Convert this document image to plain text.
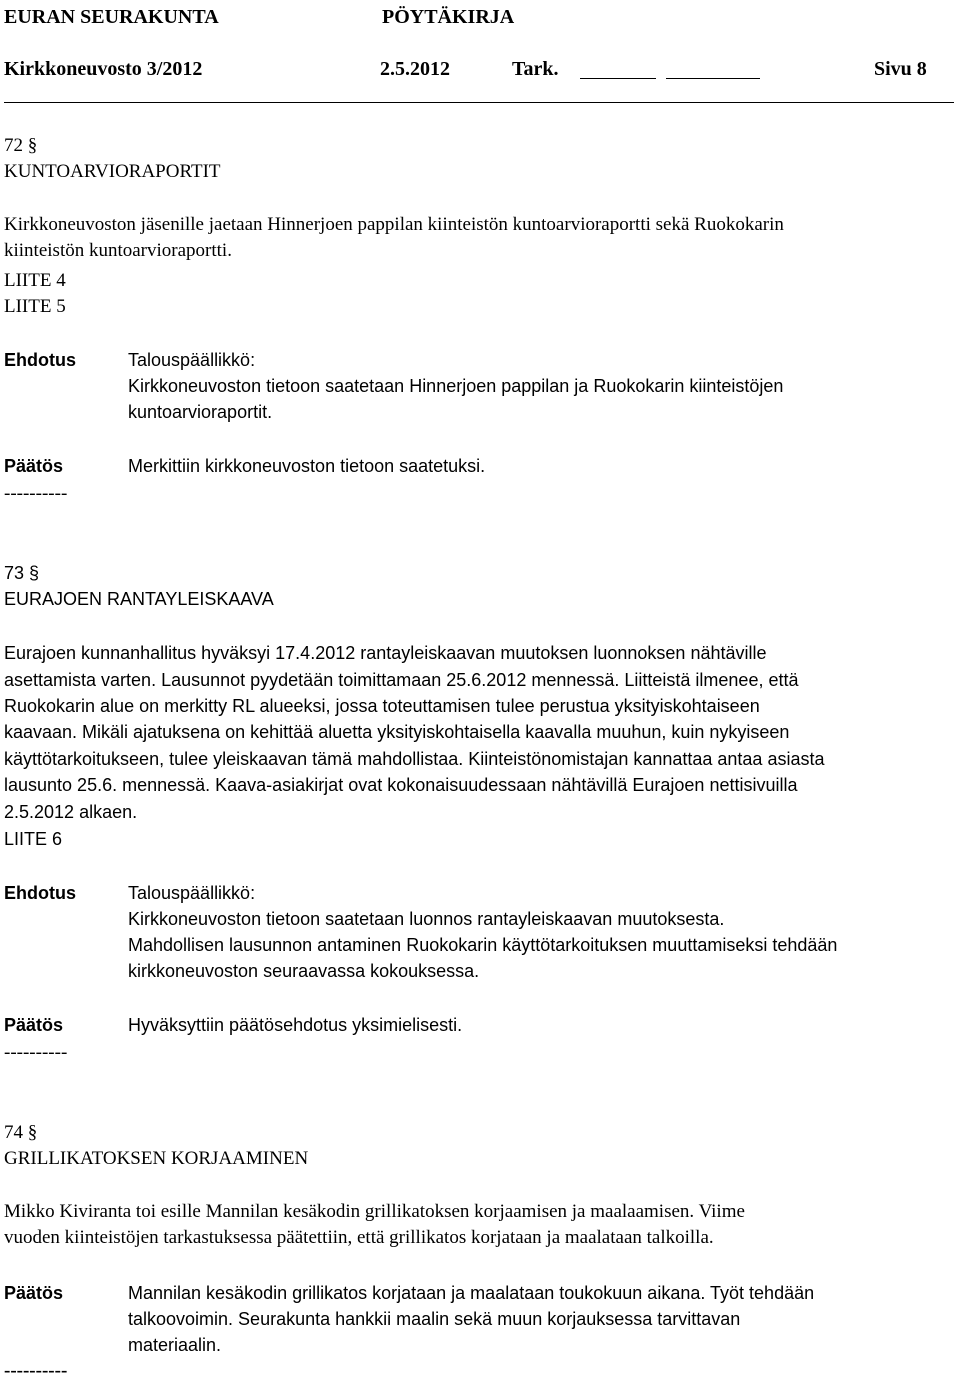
EURAN SEURAKUNTA	PÖYTÄKIRJA
Kirkkoneuvosto 3/2012	2.5.2012	Tark.	Sivu 8
72 §
KUNTOARVIORAPORTIT
Kirkkoneuvoston jäsenille jaetaan Hinnerjoen pappilan kiinteistön kuntoarvioraportti sekä Ruokokarin
kiinteistön kuntoarvioraportti.
LIITE 4
LIITE 5
Ehdotus	Talouspäällikkö:
Kirkkoneuvoston tietoon saatetaan Hinnerjoen pappilan ja Ruokokarin kiinteistöjen
kuntoarvioraportit.
Päätös	Merkittiin kirkkoneuvoston tietoon saatetuksi.
----------
73 §
EURAJOEN RANTAYLEISKAAVA
Eurajoen kunnanhallitus hyväksyi 17.4.2012 rantayleiskaavan muutoksen luonnoksen nähtäville
asettamista varten. Lausunnot pyydetään toimittamaan 25.6.2012 mennessä. Liitteistä ilmenee, että
Ruokokarin alue on merkitty RL alueeksi, jossa toteuttamisen tulee perustua yksityiskohtaiseen
kaavaan. Mikäli ajatuksena on kehittää aluetta yksityiskohtaisella kaavalla muuhun, kuin nykyiseen
käyttötarkoitukseen, tulee yleiskaavan tämä mahdollistaa. Kiinteistönomistajan kannattaa antaa asiasta
lausunto 25.6. mennessä. Kaava-asiakirjat ovat kokonaisuudessaan nähtävillä Eurajoen nettisivuilla
2.5.2012 alkaen.
LIITE 6
Ehdotus	Talouspäällikkö:
Kirkkoneuvoston tietoon saatetaan luonnos rantayleiskaavan muutoksesta.
Mahdollisen lausunnon antaminen Ruokokarin käyttötarkoituksen muuttamiseksi tehdään
kirkkoneuvoston seuraavassa kokouksessa.
Päätös	Hyväksyttiin päätösehdotus yksimielisesti.
----------
74 §
GRILLIKATOKSEN KORJAAMINEN
Mikko Kiviranta toi esille Mannilan kesäkodin grillikatoksen korjaamisen ja maalaamisen. Viime
vuoden kiinteistöjen tarkastuksessa päätettiin, että grillikatos korjataan ja maalataan talkoilla.
Päätös	Mannilan kesäkodin grillikatos korjataan ja maalataan toukokuun aikana. Työt tehdään
talkoovoimin. Seurakunta hankkii maalin sekä muun korjauksessa tarvittavan
materiaalin.
----------
